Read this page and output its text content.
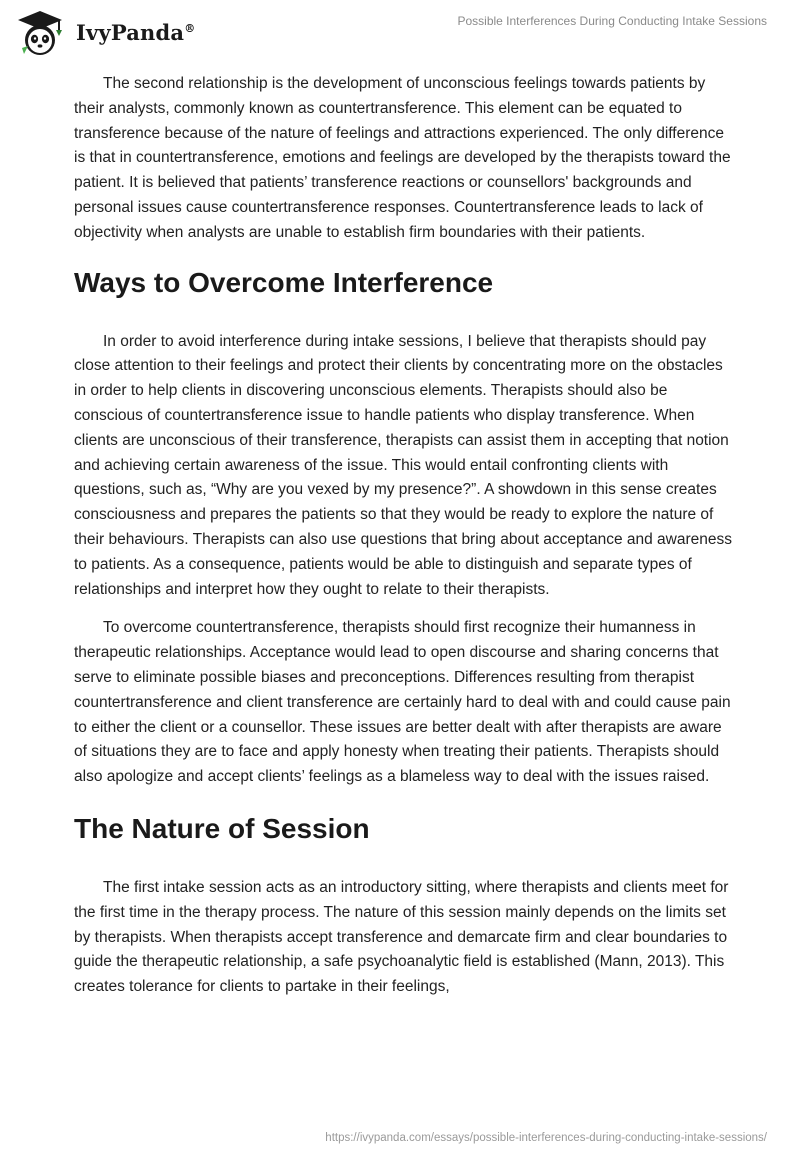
IvyPanda®
Possible Interferences During Conducting Intake Sessions

The second relationship is the development of unconscious feelings towards patients by their analysts, commonly known as countertransference. This element can be equated to transference because of the nature of feelings and attractions experienced. The only difference is that in countertransference, emotions and feelings are developed by the therapists toward the patient. It is believed that patients’ transference reactions or counsellors' backgrounds and personal issues cause countertransference responses. Countertransference leads to lack of objectivity when analysts are unable to establish firm boundaries with their patients.

Ways to Overcome Interference

In order to avoid interference during intake sessions, I believe that therapists should pay close attention to their feelings and protect their clients by concentrating more on the obstacles in order to help clients in discovering unconscious elements. Therapists should also be conscious of countertransference issue to handle patients who display transference. When clients are unconscious of their transference, therapists can assist them in accepting that notion and achieving certain awareness of the issue. This would entail confronting clients with questions, such as, “Why are you vexed by my presence?”. A showdown in this sense creates consciousness and prepares the patients so that they would be ready to explore the nature of their behaviours. Therapists can also use questions that bring about acceptance and awareness to patients. As a consequence, patients would be able to distinguish and separate types of relationships and interpret how they ought to relate to their therapists.

To overcome countertransference, therapists should first recognize their humanness in therapeutic relationships. Acceptance would lead to open discourse and sharing concerns that serve to eliminate possible biases and preconceptions. Differences resulting from therapist countertransference and client transference are certainly hard to deal with and could cause pain to either the client or a counsellor. These issues are better dealt with after therapists are aware of situations they are to face and apply honesty when treating their patients. Therapists should also apologize and accept clients’ feelings as a blameless way to deal with the issues raised.

The Nature of Session

The first intake session acts as an introductory sitting, where therapists and clients meet for the first time in the therapy process. The nature of this session mainly depends on the limits set by therapists. When therapists accept transference and demarcate firm and clear boundaries to guide the therapeutic relationship, a safe psychoanalytic field is established (Mann, 2013). This creates tolerance for clients to partake in their feelings,

https://ivypanda.com/essays/possible-interferences-during-conducting-intake-sessions/
